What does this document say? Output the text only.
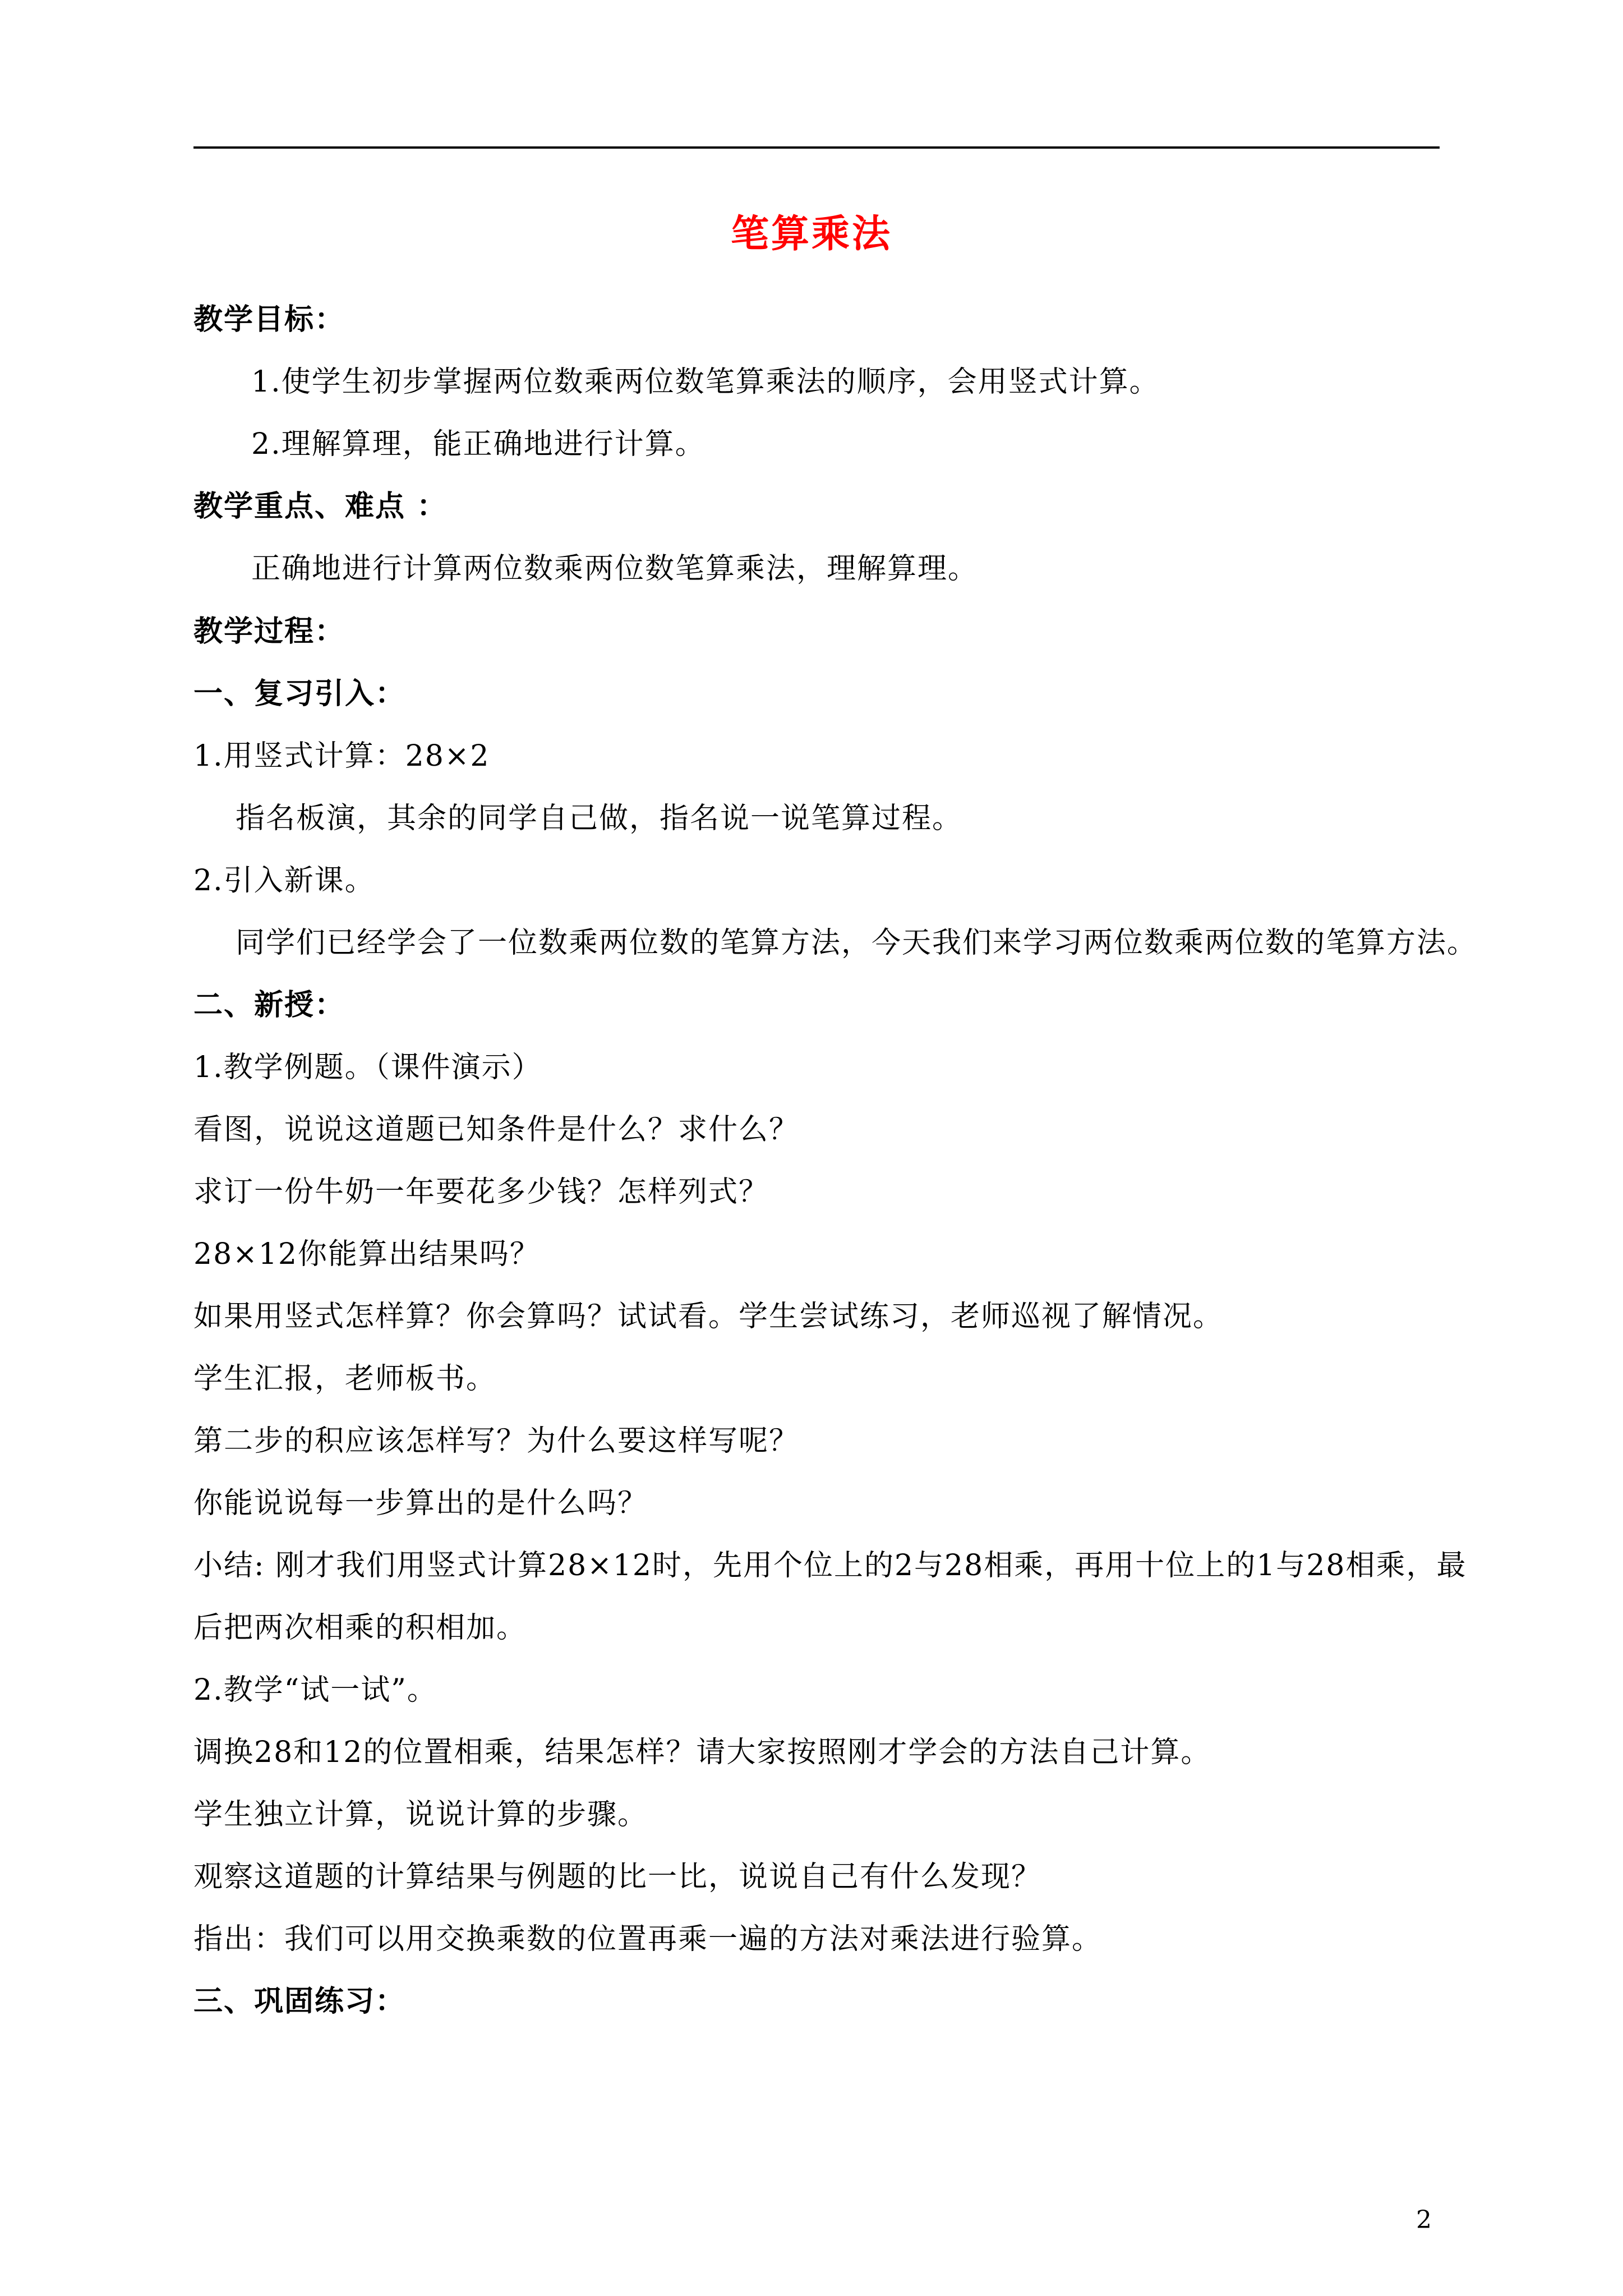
笔算乘法
教学目标：
1.使学生初步掌握两位数乘两位数笔算乘法的顺序，会用竖式计算。
2.理解算理，能正确地进行计算。
教学重点、难点 ：
正确地进行计算两位数乘两位数笔算乘法，理解算理。
教学过程：
一、复习引入：
1.用竖式计算：28×2
指名板演，其余的同学自己做，指名说一说笔算过程。
2.引入新课。
同学们已经学会了一位数乘两位数的笔算方法，今天我们来学习两位数乘两位数的笔算方法。
二、新授：
1.教学例题。（课件演示）
看图，说说这道题已知条件是什么？求什么？
求订一份牛奶一年要花多少钱？怎样列式？
28×12你能算出结果吗？
如果用竖式怎样算？你会算吗？试试看。学生尝试练习，老师巡视了解情况。
学生汇报，老师板书。
第二步的积应该怎样写？为什么要这样写呢？
你能说说每一步算出的是什么吗？
小结: 刚才我们用竖式计算28×12时，先用个位上的2与28相乘，再用十位上的1与28相乘，最
后把两次相乘的积相加。
2.教学“试一试”。
调换28和12的位置相乘，结果怎样？请大家按照刚才学会的方法自己计算。
学生独立计算，说说计算的步骤。
观察这道题的计算结果与例题的比一比，说说自己有什么发现？
指出：我们可以用交换乘数的位置再乘一遍的方法对乘法进行验算。
三、巩固练习：
2
